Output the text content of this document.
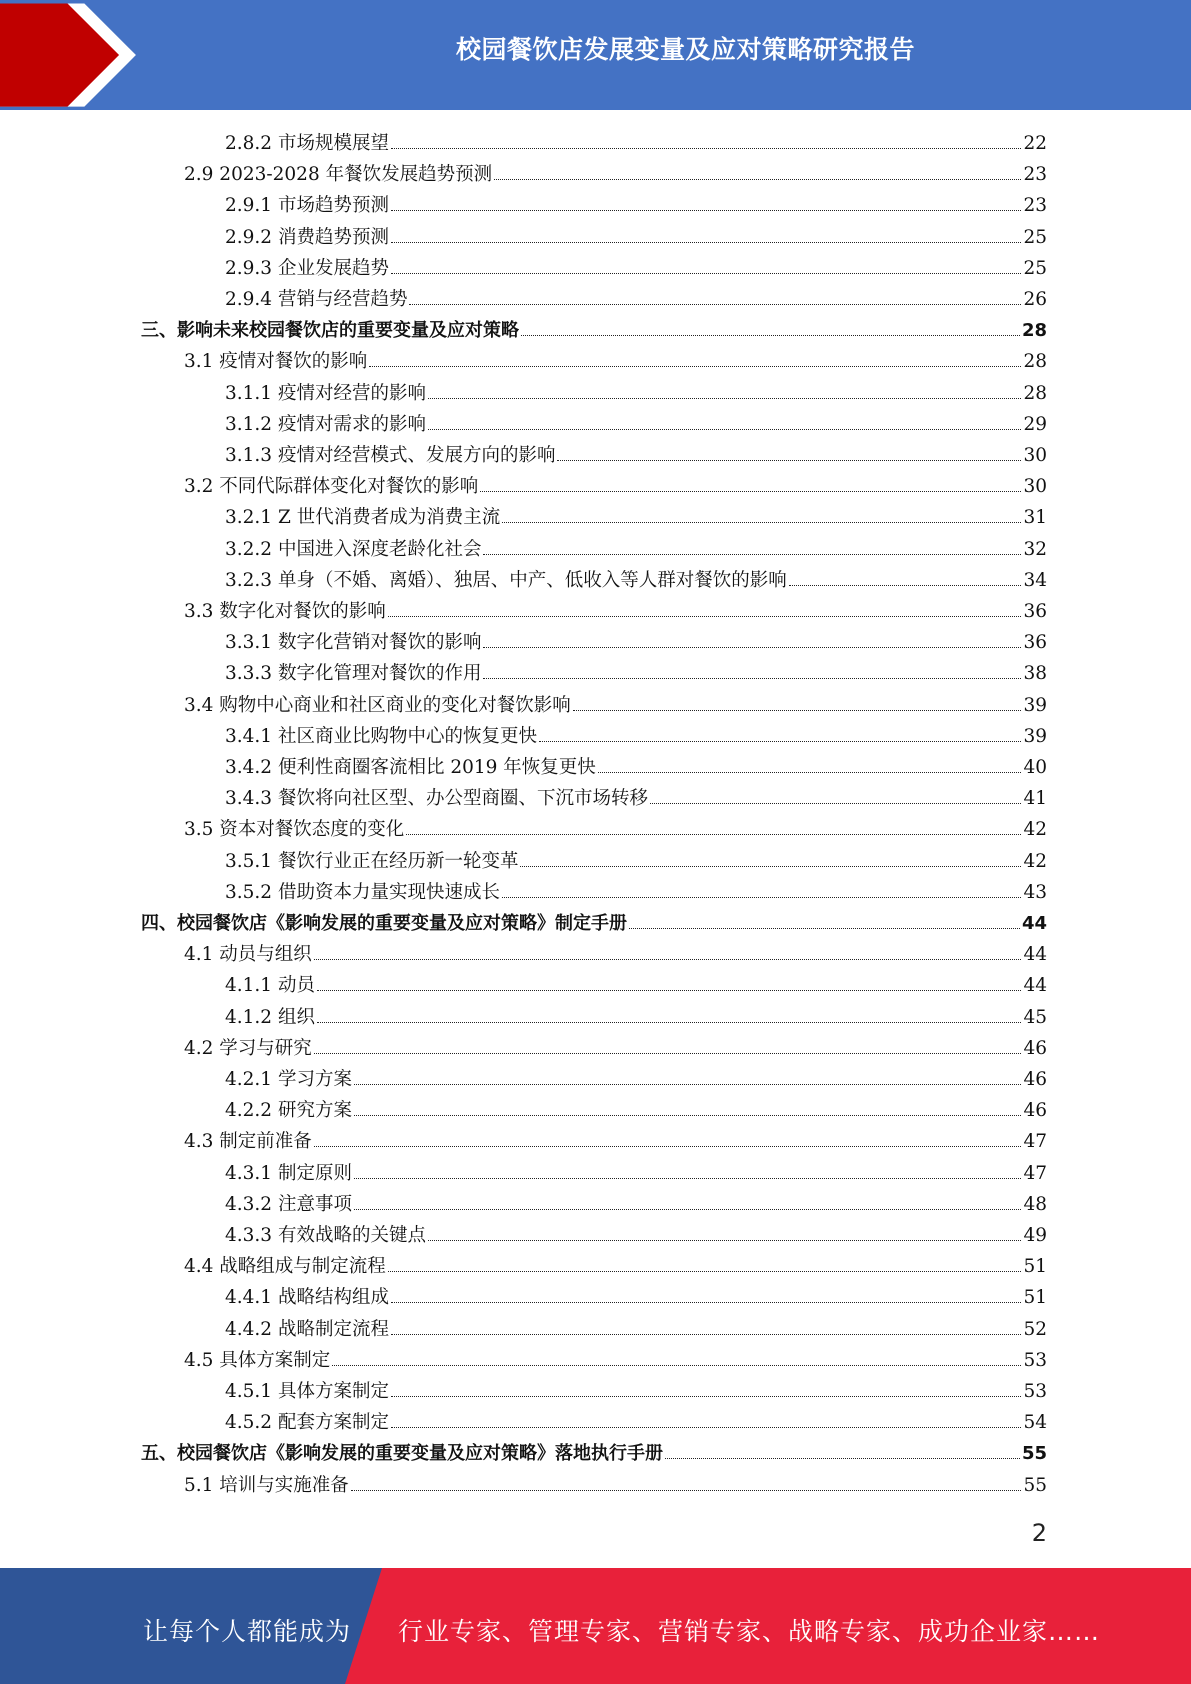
校园餐饮店发展变量及应对策略研究报告
2.8.2 市场规模展望	22
2.9 2023-2028 年餐饮发展趋势预测	23
2.9.1 市场趋势预测	23
2.9.2 消费趋势预测	25
2.9.3 企业发展趋势	25
2.9.4 营销与经营趋势	26
三、影响未来校园餐饮店的重要变量及应对策略	28
3.1 疫情对餐饮的影响	28
3.1.1 疫情对经营的影响	28
3.1.2 疫情对需求的影响	29
3.1.3 疫情对经营模式、发展方向的影响	30
3.2 不同代际群体变化对餐饮的影响	30
3.2.1 Z 世代消费者成为消费主流	31
3.2.2 中国进入深度老龄化社会	32
3.2.3 单身（不婚、离婚）、独居、中产、低收入等人群对餐饮的影响	34
3.3 数字化对餐饮的影响	36
3.3.1 数字化营销对餐饮的影响	36
3.3.3 数字化管理对餐饮的作用	38
3.4 购物中心商业和社区商业的变化对餐饮影响	39
3.4.1 社区商业比购物中心的恢复更快	39
3.4.2 便利性商圈客流相比 2019 年恢复更快	40
3.4.3 餐饮将向社区型、办公型商圈、下沉市场转移	41
3.5 资本对餐饮态度的变化	42
3.5.1 餐饮行业正在经历新一轮变革	42
3.5.2 借助资本力量实现快速成长	43
四、校园餐饮店《影响发展的重要变量及应对策略》制定手册	44
4.1 动员与组织	44
4.1.1 动员	44
4.1.2 组织	45
4.2 学习与研究	46
4.2.1 学习方案	46
4.2.2 研究方案	46
4.3 制定前准备	47
4.3.1 制定原则	47
4.3.2 注意事项	48
4.3.3 有效战略的关键点	49
4.4 战略组成与制定流程	51
4.4.1 战略结构组成	51
4.4.2 战略制定流程	52
4.5 具体方案制定	53
4.5.1 具体方案制定	53
4.5.2 配套方案制定	54
五、校园餐饮店《影响发展的重要变量及应对策略》落地执行手册	55
5.1 培训与实施准备	55
2
让每个人都能成为 行业专家、管理专家、营销专家、战略专家、成功企业家……
